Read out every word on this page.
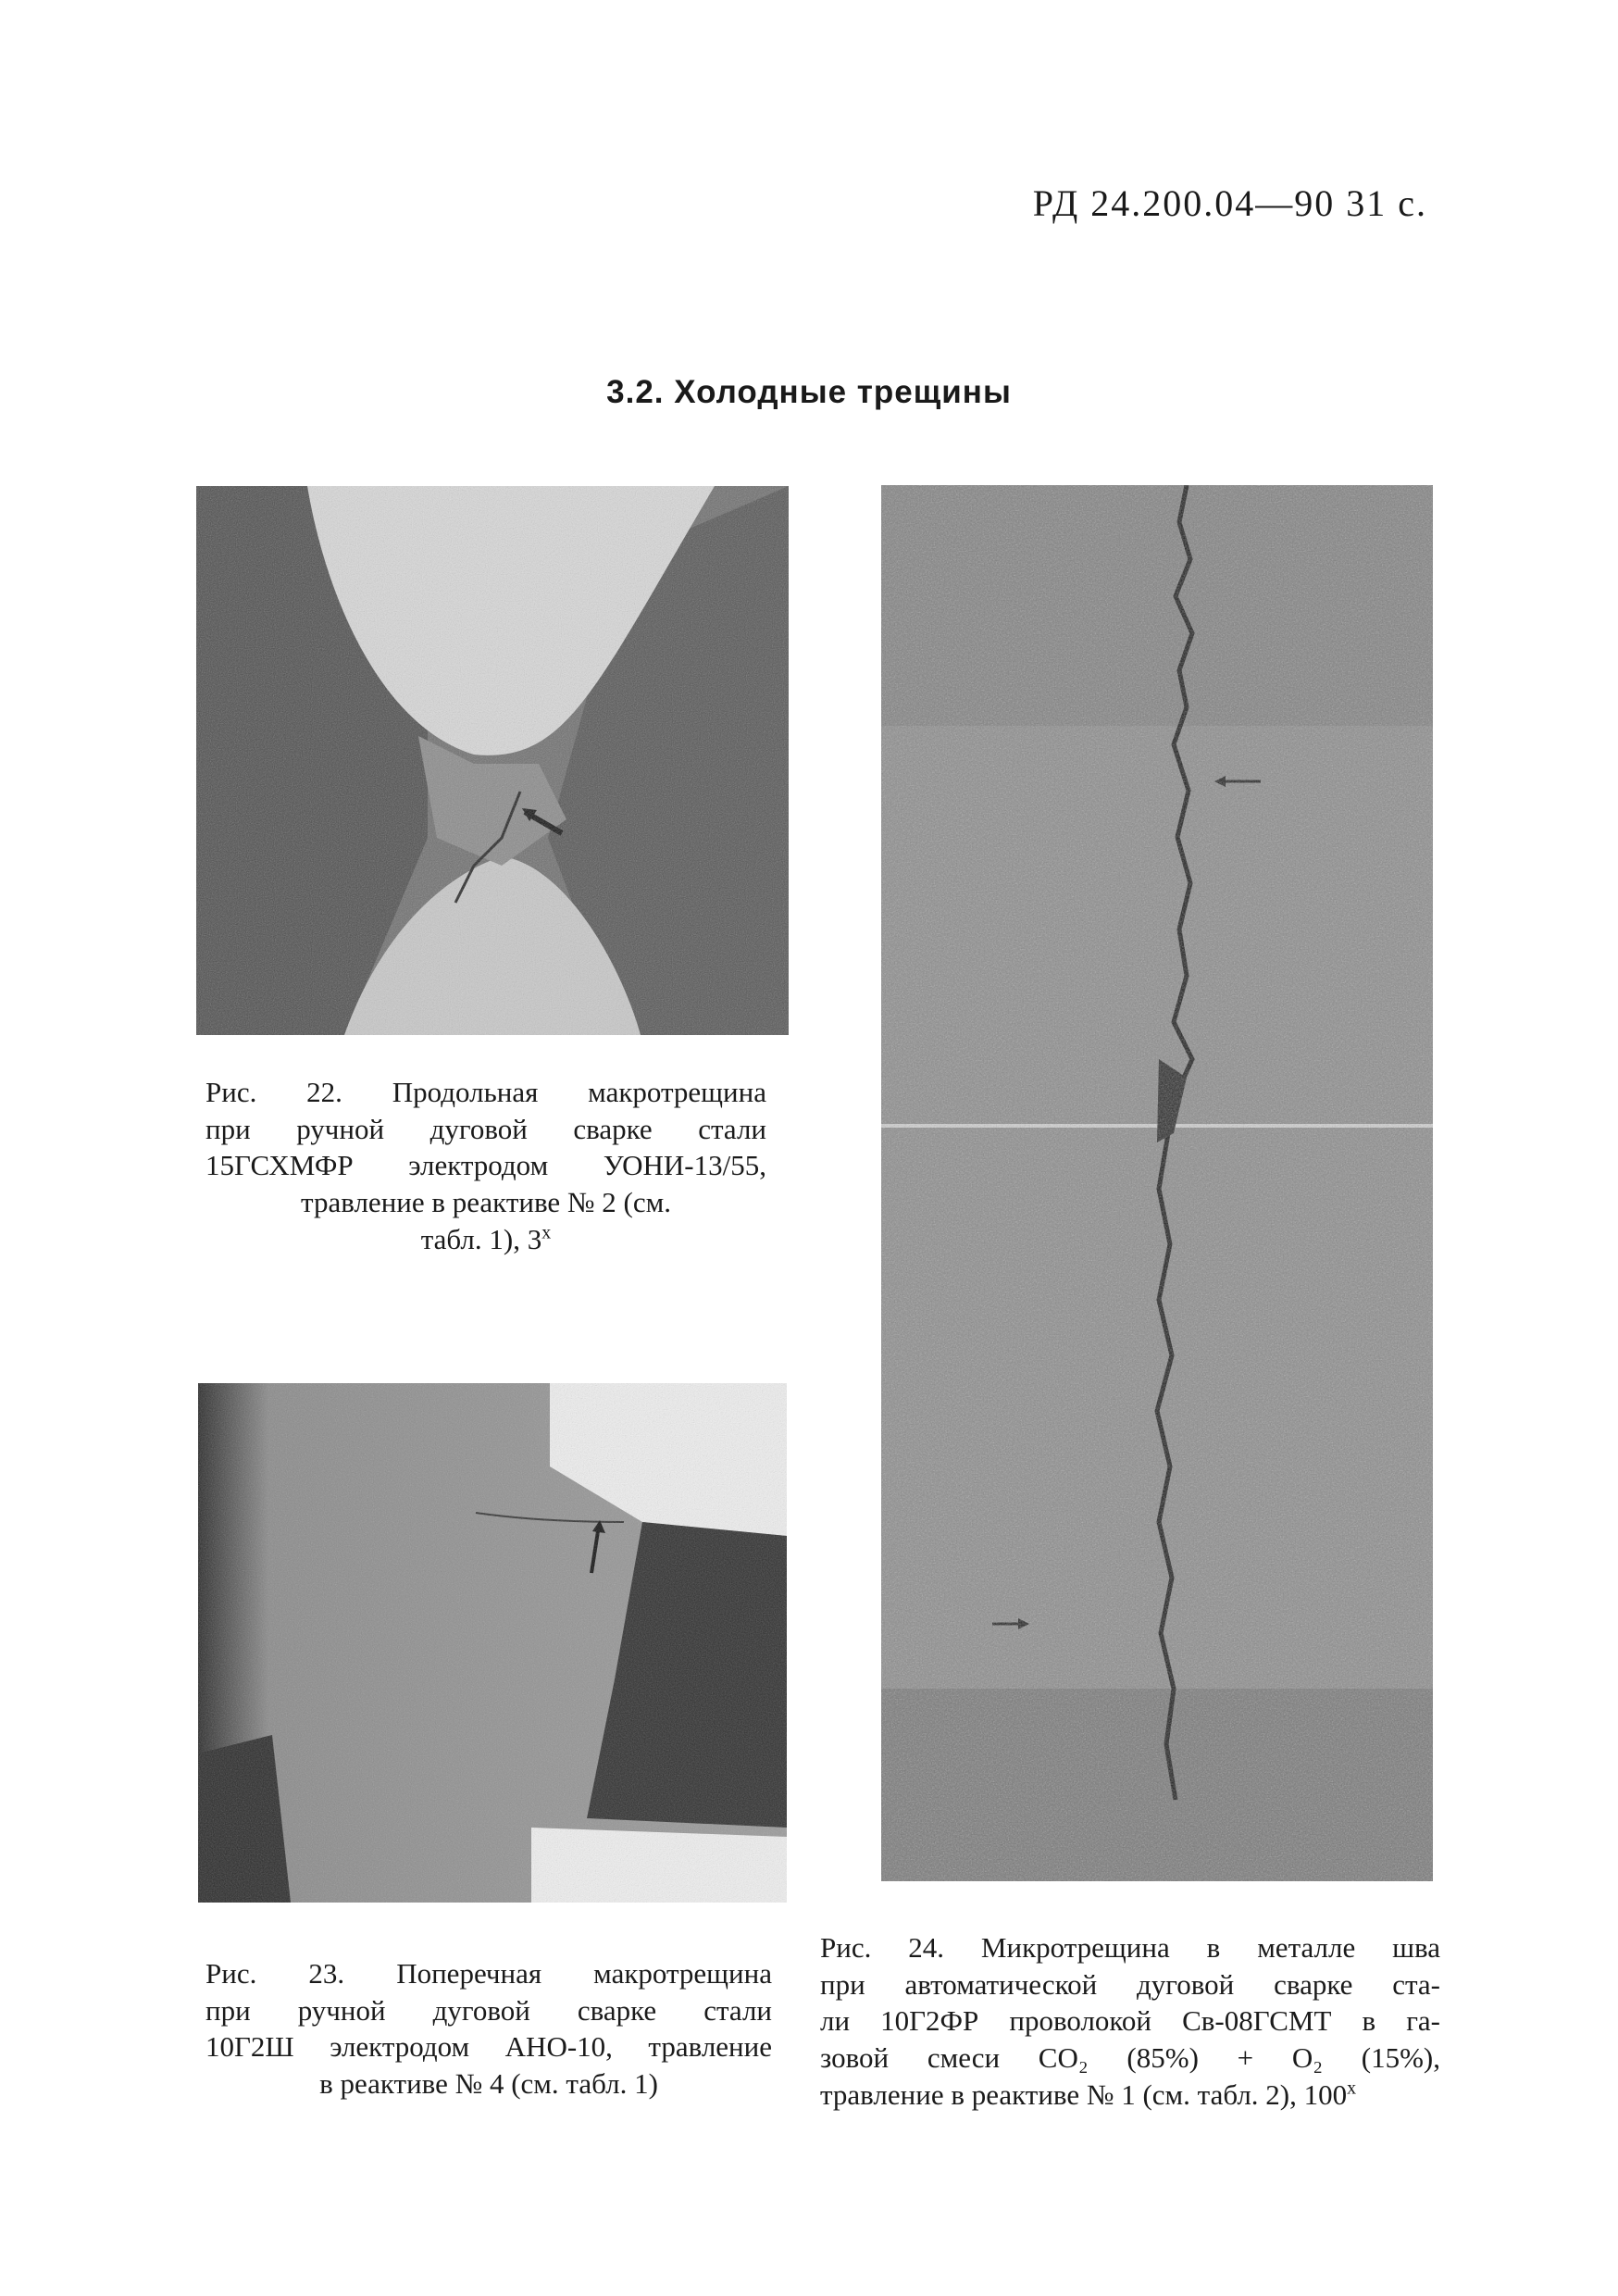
РД 24.200.04—90 31 с.
3.2. Холодные трещины
Рис. 22. Продольная макротрещина
при ручной дуговой сварке стали
15ГСХМФР электродом УОНИ-13/55,
травление в реактиве № 2 (см.
табл. 1), 3$^x$
Рис. 23. Поперечная макротрещина
при ручной дуговой сварке стали
10Г2Ш электродом АНО-10, травление
в реактиве № 4 (см. табл. 1)
Рис. 24. Микротрещина в металле шва
при автоматической дуговой сварке ста-
ли 10Г2ФР проволокой Св-08ГСМТ в га-
зовой смеси CO₂ (85%) + O₂ (15%),
травление в реактиве № 1 (см. табл. 2), 100$^x$
